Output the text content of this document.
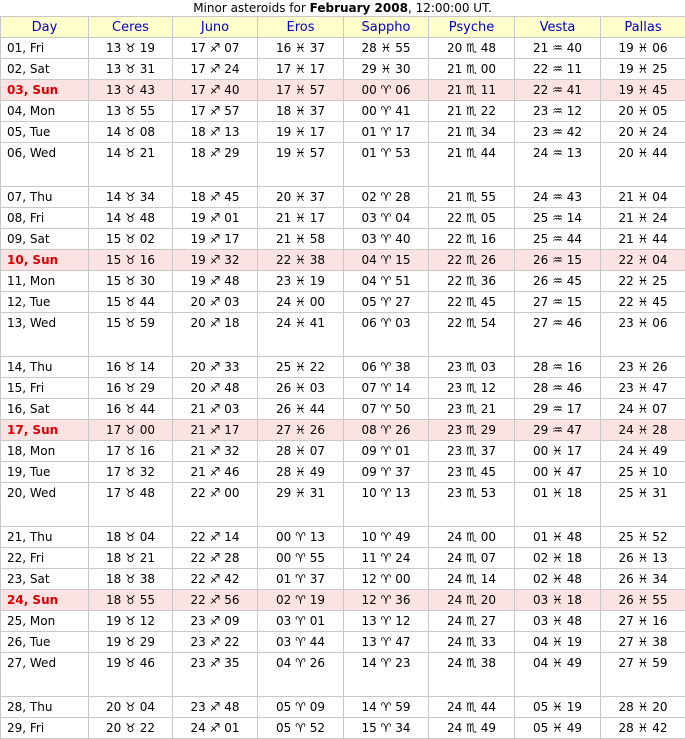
Minor asteroids for February 2008, 12:00:00 UT.
Day	Ceres	Juno	Eros	Sappho	Psyche	Vesta	Pallas
01, Fri	13 ♉ 19	17 ♐ 07	16 ♓ 37	28 ♓ 55	20 ♏ 48	21 ♒ 40	19 ♓ 06
02, Sat	13 ♉ 31	17 ♐ 24	17 ♓ 17	29 ♓ 30	21 ♏ 00	22 ♒ 11	19 ♓ 25
03, Sun	13 ♉ 43	17 ♐ 40	17 ♓ 57	00 ♈ 06	21 ♏ 11	22 ♒ 41	19 ♓ 45
04, Mon	13 ♉ 55	17 ♐ 57	18 ♓ 37	00 ♈ 41	21 ♏ 22	23 ♒ 12	20 ♓ 05
05, Tue	14 ♉ 08	18 ♐ 13	19 ♓ 17	01 ♈ 17	21 ♏ 34	23 ♒ 42	20 ♓ 24
06, Wed	14 ♉ 21	18 ♐ 29	19 ♓ 57	01 ♈ 53	21 ♏ 44	24 ♒ 13	20 ♓ 44
07, Thu	14 ♉ 34	18 ♐ 45	20 ♓ 37	02 ♈ 28	21 ♏ 55	24 ♒ 43	21 ♓ 04
08, Fri	14 ♉ 48	19 ♐ 01	21 ♓ 17	03 ♈ 04	22 ♏ 05	25 ♒ 14	21 ♓ 24
09, Sat	15 ♉ 02	19 ♐ 17	21 ♓ 58	03 ♈ 40	22 ♏ 16	25 ♒ 44	21 ♓ 44
10, Sun	15 ♉ 16	19 ♐ 32	22 ♓ 38	04 ♈ 15	22 ♏ 26	26 ♒ 15	22 ♓ 04
11, Mon	15 ♉ 30	19 ♐ 48	23 ♓ 19	04 ♈ 51	22 ♏ 36	26 ♒ 45	22 ♓ 25
12, Tue	15 ♉ 44	20 ♐ 03	24 ♓ 00	05 ♈ 27	22 ♏ 45	27 ♒ 15	22 ♓ 45
13, Wed	15 ♉ 59	20 ♐ 18	24 ♓ 41	06 ♈ 03	22 ♏ 54	27 ♒ 46	23 ♓ 06
14, Thu	16 ♉ 14	20 ♐ 33	25 ♓ 22	06 ♈ 38	23 ♏ 03	28 ♒ 16	23 ♓ 26
15, Fri	16 ♉ 29	20 ♐ 48	26 ♓ 03	07 ♈ 14	23 ♏ 12	28 ♒ 46	23 ♓ 47
16, Sat	16 ♉ 44	21 ♐ 03	26 ♓ 44	07 ♈ 50	23 ♏ 21	29 ♒ 17	24 ♓ 07
17, Sun	17 ♉ 00	21 ♐ 17	27 ♓ 26	08 ♈ 26	23 ♏ 29	29 ♒ 47	24 ♓ 28
18, Mon	17 ♉ 16	21 ♐ 32	28 ♓ 07	09 ♈ 01	23 ♏ 37	00 ♓ 17	24 ♓ 49
19, Tue	17 ♉ 32	21 ♐ 46	28 ♓ 49	09 ♈ 37	23 ♏ 45	00 ♓ 47	25 ♓ 10
20, Wed	17 ♉ 48	22 ♐ 00	29 ♓ 31	10 ♈ 13	23 ♏ 53	01 ♓ 18	25 ♓ 31
21, Thu	18 ♉ 04	22 ♐ 14	00 ♈ 13	10 ♈ 49	24 ♏ 00	01 ♓ 48	25 ♓ 52
22, Fri	18 ♉ 21	22 ♐ 28	00 ♈ 55	11 ♈ 24	24 ♏ 07	02 ♓ 18	26 ♓ 13
23, Sat	18 ♉ 38	22 ♐ 42	01 ♈ 37	12 ♈ 00	24 ♏ 14	02 ♓ 48	26 ♓ 34
24, Sun	18 ♉ 55	22 ♐ 56	02 ♈ 19	12 ♈ 36	24 ♏ 20	03 ♓ 18	26 ♓ 55
25, Mon	19 ♉ 12	23 ♐ 09	03 ♈ 01	13 ♈ 12	24 ♏ 27	03 ♓ 48	27 ♓ 16
26, Tue	19 ♉ 29	23 ♐ 22	03 ♈ 44	13 ♈ 47	24 ♏ 33	04 ♓ 19	27 ♓ 38
27, Wed	19 ♉ 46	23 ♐ 35	04 ♈ 26	14 ♈ 23	24 ♏ 38	04 ♓ 49	27 ♓ 59
28, Thu	20 ♉ 04	23 ♐ 48	05 ♈ 09	14 ♈ 59	24 ♏ 44	05 ♓ 19	28 ♓ 20
29, Fri	20 ♉ 22	24 ♐ 01	05 ♈ 52	15 ♈ 34	24 ♏ 49	05 ♓ 49	28 ♓ 42
